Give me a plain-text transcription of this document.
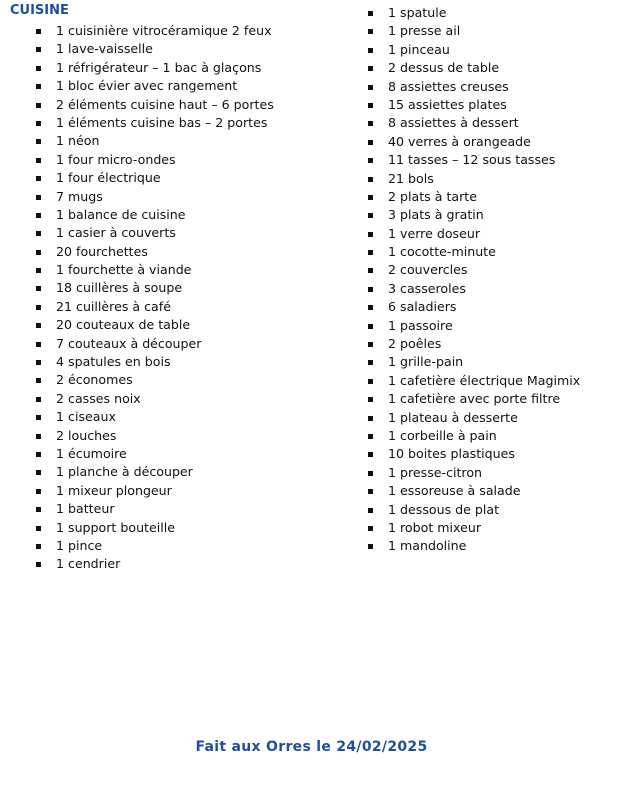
CUISINE
1 cuisinière vitrocéramique 2 feux
1 lave-vaisselle
1 réfrigérateur – 1 bac à glaçons
1 bloc évier avec rangement
2 éléments cuisine haut – 6 portes
1 éléments cuisine bas – 2 portes
1 néon
1 four micro-ondes
1 four électrique
7 mugs
1 balance de cuisine
1 casier à couverts
20 fourchettes
1 fourchette à viande
18 cuillères à soupe
21 cuillères à café
20 couteaux de table
7 couteaux à découper
4 spatules en bois
2 économes
2 casses noix
1 ciseaux
2 louches
1 écumoire
1 planche à découper
1 mixeur plongeur
1 batteur
1 support bouteille
1 pince
1 cendrier
1 spatule
1 presse ail
1 pinceau
2 dessus de table
8 assiettes creuses
15 assiettes plates
8 assiettes à dessert
40 verres à orangeade
11 tasses – 12 sous tasses
21 bols
2 plats à tarte
3 plats à gratin
1 verre doseur
1 cocotte-minute
2 couvercles
3 casseroles
6 saladiers
1 passoire
2 poêles
1 grille-pain
1 cafetière électrique Magimix
1 cafetière avec porte filtre
1 plateau à desserte
1 corbeille à pain
10 boites plastiques
1 presse-citron
1 essoreuse à salade
1 dessous de plat
1 robot mixeur
1 mandoline
Fait aux Orres le 24/02/2025
